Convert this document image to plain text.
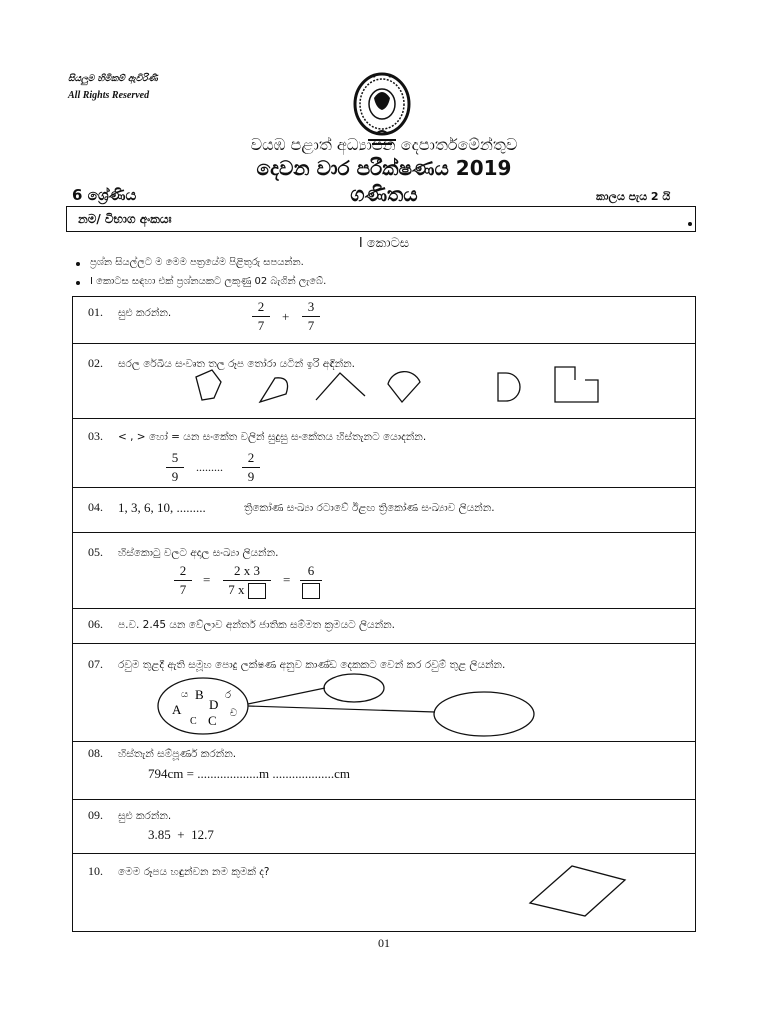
සියලුම හිමිකම් ඇවිරිණි
All Rights Reserved
වයඹ පළාත් අධ්‍යාපන දෙපාර්තමේන්තුව
දෙවන වාර පරීක්ෂණය 2019
6 ශ්‍රේණිය	ගණිතය	කාලය පැය 2 යි
නම/ විභාග අංකයඃ
I කොටස
ප්‍රශ්න සියල්ලට ම මෙම පත්‍රයේම පිළිතුරු සපයන්න.
I කොටස සඳහා එක් ප්‍රශ්නයකට ලකුණු 02 බැගින් ලැබේ.
01. සුළු කරන්න.	2
7
+
3
7
02. සරල රේඛීය සංවෘත තල රූප තෝරා යටින් ඉරි අඳින්න.
03. < , > හෝ = යන සංකේත වලින් සුදුසු සංකේතය හිස්තැනට යොදන්න.
5
9
.........
2
9
04. 1, 3, 6, 10, .........	ත්‍රිකෝණ සංඛ්‍යා රටාවේ ඊළඟ ත්‍රිකෝණ සංඛ්‍යාව ලියන්න.
05. හිස්කොටු වලට අදාල සංඛ්‍යා ලියන්න.
2
7
=
2 x 3
7 x
=
6
06. ප.ව. 2.45 යන වේලාව අන්තර් ජාතික සම්මත ක්‍රමයට ලියන්න.
07. රවුම තුළදී ඇති සමූහ පොදු ලක්ෂණ අනුව කාණ්ඩ දෙකකට වෙන් කර රවුම් තුළ ලියන්න.
ය B ර
A D
ච
C C
08. හිස්තැන් සම්පූර්ණ කරන්න.
794cm = ...................m ...................cm
09. සුළු කරන්න.
3.85  +  12.7
10. මෙම රූපය හඳුන්වන නම කුමක් ද?
01
